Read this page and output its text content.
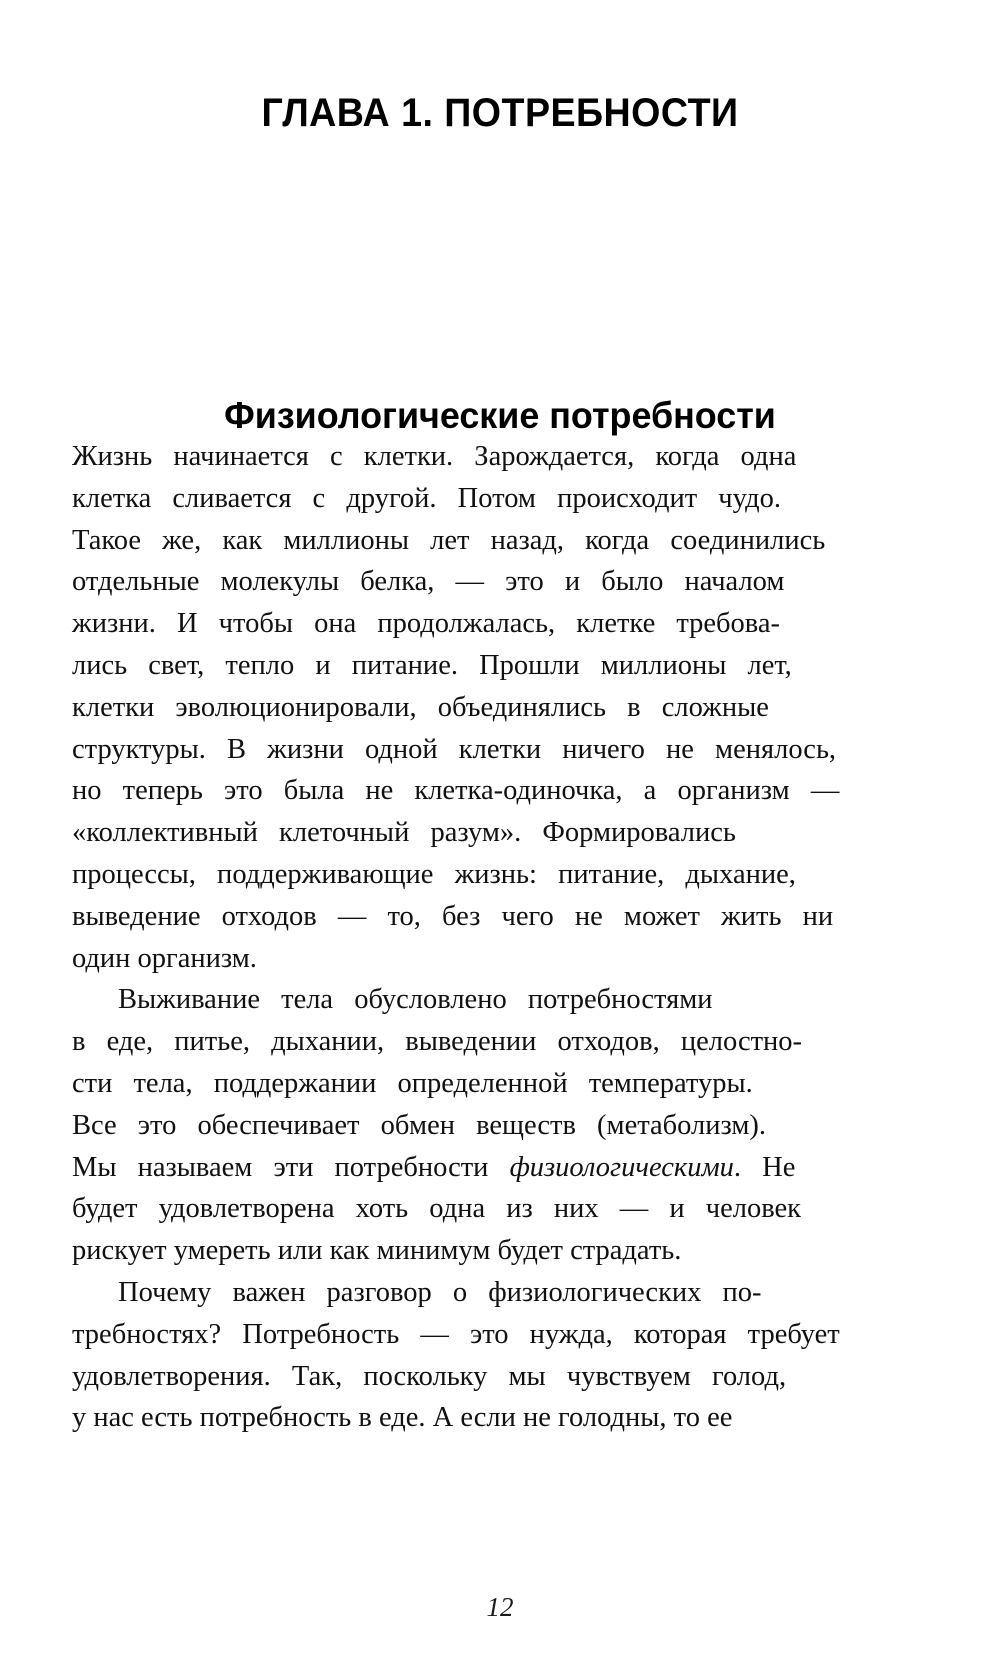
ГЛАВА 1. ПОТРЕБНОСТИ
Физиологические потребности

Жизнь начинается с клетки. Зарождается, когда одна
клетка сливается с другой. Потом происходит чудо.
Такое же, как миллионы лет назад, когда соединились
отдельные молекулы белка, — это и было началом
жизни. И чтобы она продолжалась, клетке требова-
лись свет, тепло и питание. Прошли миллионы лет,
клетки эволюционировали, объединялись в сложные
структуры. В жизни одной клетки ничего не менялось,
но теперь это была не клетка-одиночка, а организм —
«коллективный клеточный разум». Формировались
процессы, поддерживающие жизнь: питание, дыхание,
выведение отходов — то, без чего не может жить ни
один организм.

Выживание тела обусловлено потребностями
в еде, питье, дыхании, выведении отходов, целостно-
сти тела, поддержании определенной температуры.
Все это обеспечивает обмен веществ (метаболизм).
Мы называем эти потребности физиологическими. Не
будет удовлетворена хоть одна из них — и человек
рискует умереть или как минимум будет страдать.

Почему важен разговор о физиологических по-
требностях? Потребность — это нужда, которая требует
удовлетворения. Так, поскольку мы чувствуем голод,
у нас есть потребность в еде. А если не голодны, то ее

12
